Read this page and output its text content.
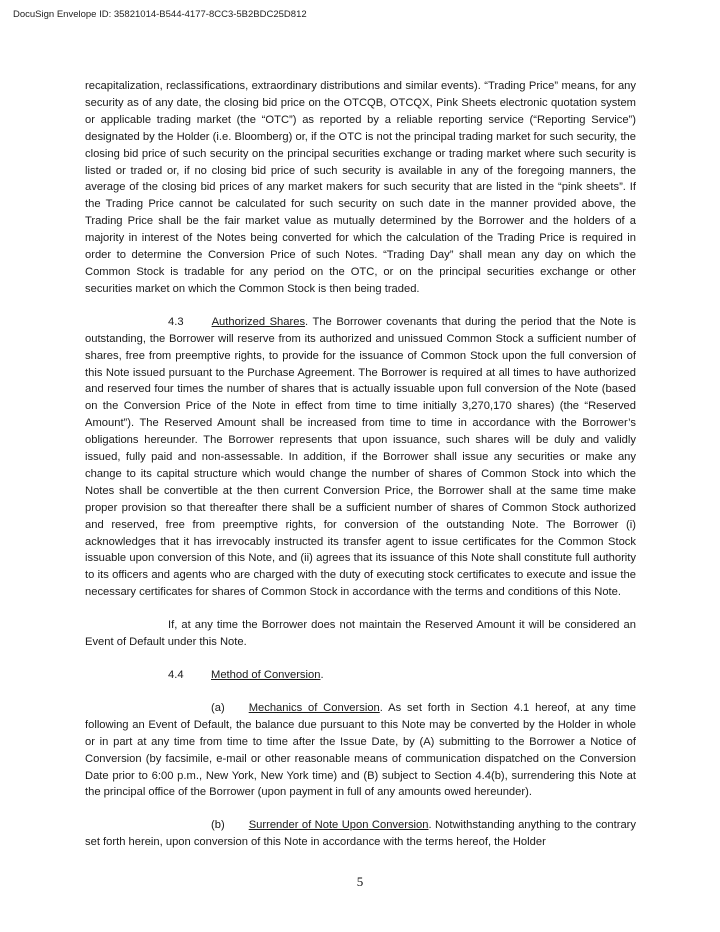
DocuSign Envelope ID: 35821014-B544-4177-8CC3-5B2BDC25D812

recapitalization, reclassifications, extraordinary distributions and similar events). “Trading Price” means, for any security as of any date, the closing bid price on the OTCQB, OTCQX, Pink Sheets electronic quotation system or applicable trading market (the “OTC”) as reported by a reliable reporting service (“Reporting Service”) designated by the Holder (i.e. Bloomberg) or, if the OTC is not the principal trading market for such security, the closing bid price of such security on the principal securities exchange or trading market where such security is listed or traded or, if no closing bid price of such security is available in any of the foregoing manners, the average of the closing bid prices of any market makers for such security that are listed in the “pink sheets”. If the Trading Price cannot be calculated for such security on such date in the manner provided above, the Trading Price shall be the fair market value as mutually determined by the Borrower and the holders of a majority in interest of the Notes being converted for which the calculation of the Trading Price is required in order to determine the Conversion Price of such Notes. “Trading Day” shall mean any day on which the Common Stock is tradable for any period on the OTC, or on the principal securities exchange or other securities market on which the Common Stock is then being traded.

4.3	Authorized Shares. The Borrower covenants that during the period that the Note is outstanding, the Borrower will reserve from its authorized and unissued Common Stock a sufficient number of shares, free from preemptive rights, to provide for the issuance of Common Stock upon the full conversion of this Note issued pursuant to the Purchase Agreement. The Borrower is required at all times to have authorized and reserved four times the number of shares that is actually issuable upon full conversion of the Note (based on the Conversion Price of the Note in effect from time to time initially 3,270,170 shares) (the “Reserved Amount”). The Reserved Amount shall be increased from time to time in accordance with the Borrower’s obligations hereunder. The Borrower represents that upon issuance, such shares will be duly and validly issued, fully paid and non-assessable. In addition, if the Borrower shall issue any securities or make any change to its capital structure which would change the number of shares of Common Stock into which the Notes shall be convertible at the then current Conversion Price, the Borrower shall at the same time make proper provision so that thereafter there shall be a sufficient number of shares of Common Stock authorized and reserved, free from preemptive rights, for conversion of the outstanding Note. The Borrower (i) acknowledges that it has irrevocably instructed its transfer agent to issue certificates for the Common Stock issuable upon conversion of this Note, and (ii) agrees that its issuance of this Note shall constitute full authority to its officers and agents who are charged with the duty of executing stock certificates to execute and issue the necessary certificates for shares of Common Stock in accordance with the terms and conditions of this Note.

If, at any time the Borrower does not maintain the Reserved Amount it will be considered an Event of Default under this Note.

4.4 Method of Conversion.

(a) Mechanics of Conversion. As set forth in Section 4.1 hereof, at any time following an Event of Default, the balance due pursuant to this Note may be converted by the Holder in whole or in part at any time from time to time after the Issue Date, by (A) submitting to the Borrower a Notice of Conversion (by facsimile, e-mail or other reasonable means of communication dispatched on the Conversion Date prior to 6:00 p.m., New York, New York time) and (B) subject to Section 4.4(b), surrendering this Note at the principal office of the Borrower (upon payment in full of any amounts owed hereunder).

(b) Surrender of Note Upon Conversion. Notwithstanding anything to the contrary set forth herein, upon conversion of this Note in accordance with the terms hereof, the Holder

5
